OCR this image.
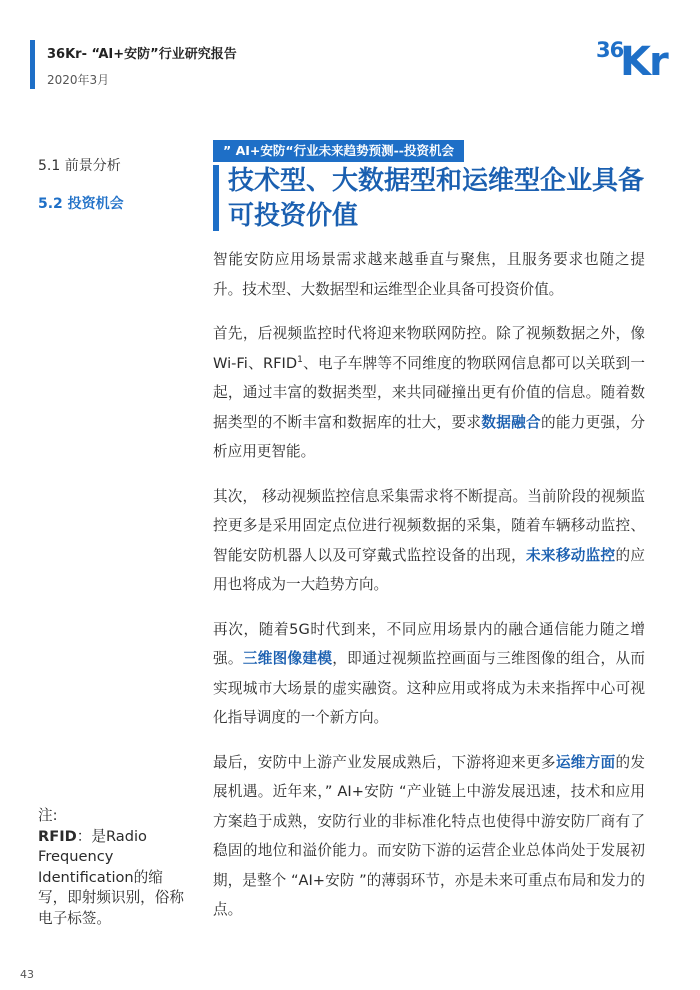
36Kr- “AI+安防”行业研究报告
2020年3月
36
Kr
5.1 前景分析
5.2 投资机会
” AI+安防“行业未来趋势预测--投资机会
技术型、大数据型和运维型企业具备可投资价值

智能安防应用场景需求越来越垂直与聚焦，且服务要求也随之提升。技术型、大数据型和运维型企业具备可投资价值。

首先，后视频监控时代将迎来物联网防控。除了视频数据之外，像Wi-Fi、RFID$^1$、电子车牌等不同维度的物联网信息都可以关联到一起，通过丰富的数据类型，来共同碰撞出更有价值的信息。随着数据类型的不断丰富和数据库的壮大，要求数据融合的能力更强，分析应用更智能。

其次， 移动视频监控信息采集需求将不断提高。当前阶段的视频监控更多是采用固定点位进行视频数据的采集，随着车辆移动监控、智能安防机器人以及可穿戴式监控设备的出现，未来移动监控的应用也将成为一大趋势方向。

再次，随着5G时代到来，不同应用场景内的融合通信能力随之增强。三维图像建模，即通过视频监控画面与三维图像的组合，从而实现城市大场景的虚实融资。这种应用或将成为未来指挥中心可视化指导调度的一个新方向。

最后，安防中上游产业发展成熟后，下游将迎来更多运维方面的发展机遇。近年来，” AI+安防 “产业链上中游发展迅速，技术和应用方案趋于成熟，安防行业的非标准化特点也使得中游安防厂商有了稳固的地位和溢价能力。而安防下游的运营企业总体尚处于发展初期，是整个 “AI+安防 ”的薄弱环节，亦是未来可重点布局和发力的点。

注:
RFID：是Radio Frequency Identification的缩写，即射频识别，俗称电子标签。
43
